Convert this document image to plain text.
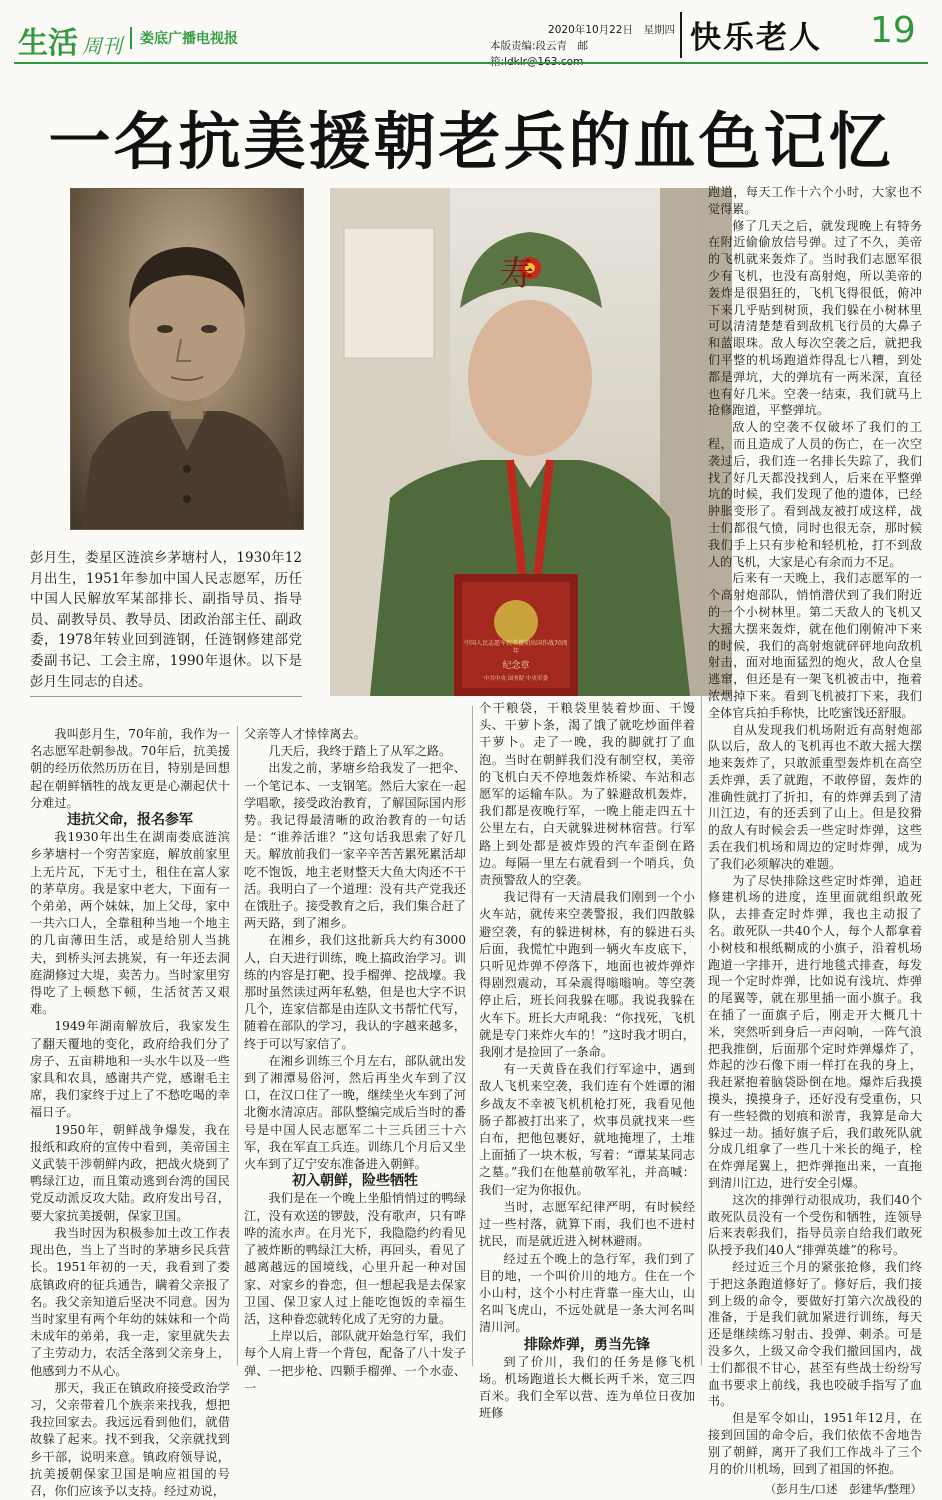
生活 周刊 娄底广播电视报
2020年10月22日　星期四
本版责编:段云青　邮	快乐老人 19
一名抗美援朝老兵的血色记忆
寿
中国人民志愿军抗美援朝出国作战70周年
纪念章
中共中央 国务院 中央军委
彭月生，娄星区涟滨乡茅塘村人，1930年12月出生，1951年参加中国人民志愿军，历任中国人民解放军某部排长、副指导员、指导员、副教导员、教导员、团政治部主任、副政委，1978年转业回到涟钢，任涟钢修建部党委副书记、工会主席，1990年退休。以下是彭月生同志的自述。

我叫彭月生，70年前，我作为一名志愿军赴朝参战。70年后，抗美援朝的经历依然历历在目，特别是回想起在朝鲜牺牲的战友更是心潮起伏十分难过。

违抗父命，报名参军

我1930年出生在湖南娄底涟滨乡茅塘村一个穷苦家庭，解放前家里上无片瓦，下无寸土，租住在富人家的茅草房。我是家中老大，下面有一个弟弟，两个妹妹，加上父母，家中一共六口人，全靠租种当地一个地主的几亩薄田生活，或是给别人当挑夫，到桥头河去挑炭，有一年还去洞庭湖修过大堤，卖苦力。当时家里穷得吃了上顿愁下顿，生活贫苦又艰难。

1949年湖南解放后，我家发生了翻天覆地的变化，政府给我们分了房子、五亩耕地和一头水牛以及一些家具和农具，感谢共产党，感谢毛主席，我们家终于过上了不愁吃喝的幸福日子。

1950年，朝鲜战争爆发，我在报纸和政府的宣传中看到，美帝国主义武装干涉朝鲜内政，把战火烧到了鸭绿江边，而且策动逃到台湾的国民党反动派反攻大陆。政府发出号召，要大家抗美援朝，保家卫国。

我当时因为积极参加土改工作表现出色，当上了当时的茅塘乡民兵营长。1951年初的一天，我看到了娄底镇政府的征兵通告，瞒着父亲报了名。我父亲知道后坚决不同意。因为当时家里有两个年幼的妹妹和一个尚未成年的弟弟，我一走，家里就失去了主劳动力，农活全落到父亲身上，他感到力不从心。

那天，我正在镇政府接受政治学习，父亲带着几个族亲来找我，想把我拉回家去。我远远看到他们，就借故躲了起来。找不到我，父亲就找到乡干部，说明来意。镇政府领导说，抗美援朝保家卫国是响应祖国的号召，你们应该予以支持。经过劝说，

父亲等人才悻悻离去。

几天后，我终于踏上了从军之路。

出发之前，茅塘乡给我发了一把伞、一个笔记本、一支钢笔。然后大家在一起学唱歌，接受政治教育，了解国际国内形势。我记得最清晰的政治教育的一句话是：“谁养活谁？”这句话我思索了好几天。解放前我们一家辛辛苦苦累死累活却吃不饱饭，地主老财整天大鱼大肉还不干活。我明白了一个道理：没有共产党我还在饿肚子。接受教育之后，我们集合赶了两天路，到了湘乡。

在湘乡，我们这批新兵大约有3000人，白天进行训练，晚上搞政治学习。训练的内容是打靶、投手榴弹、挖战壕。我那时虽然读过两年私塾，但是也大字不识几个，连家信都是由连队文书帮忙代写，随着在部队的学习，我认的字越来越多，终于可以写家信了。

在湘乡训练三个月左右，部队就出发到了湘潭易俗河，然后再坐火车到了汉口，在汉口住了一晚，继续坐火车到了河北衡水清凉店。部队整编完成后当时的番号是中国人民志愿军二十三兵团三十六军，我在军直工兵连。训练几个月后又坐火车到了辽宁安东准备进入朝鲜。

初入朝鲜，险些牺牲

我们是在一个晚上坐船悄悄过的鸭绿江，没有欢送的锣鼓，没有歌声，只有哗哗的流水声。在月光下，我隐隐约约看见了被炸断的鸭绿江大桥，再回头，看见了越离越远的国境线，心里升起一种对国家、对家乡的眷恋，但一想起我是去保家卫国、保卫家人过上能吃饱饭的幸福生活，这种眷恋就转化成了无穷的力量。

上岸以后，部队就开始急行军，我们每个人肩上背一个背包，配备了八十发子弹、一把步枪、四颗手榴弹、一个水壶、一

个干粮袋，干粮袋里装着炒面、干馒头、干萝卜条，渴了饿了就吃炒面伴着干萝卜。走了一晚，我的脚就打了血泡。当时在朝鲜我们没有制空权，美帝的飞机白天不停地轰炸桥梁、车站和志愿军的运输车队。为了躲避敌机轰炸，我们都是夜晚行军，一晚上能走四五十公里左右，白天就躲进树林宿营。行军路上到处都是被炸毁的汽车歪倒在路边。每隔一里左右就看到一个哨兵，负责预警敌人的空袭。

我记得有一天清晨我们刚到一个小火车站，就传来空袭警报，我们四散躲避空袭，有的躲进树林，有的躲进石头后面，我慌忙中跑到一辆火车皮底下，只听见炸弹不停落下，地面也被炸弹炸得剧烈震动，耳朵震得嗡嗡响。等空袭停止后，班长问我躲在哪。我说我躲在火车下。班长大声吼我：“你找死，飞机就是专门来炸火车的！”这时我才明白，我刚才是捡回了一条命。

有一天黄昏在我们行军途中，遇到敌人飞机来空袭，我们连有个姓谭的湘乡战友不幸被飞机机枪打死，我看见他肠子都被打出来了，炊事员就找来一些白布，把他包裹好，就地掩埋了，土堆上面插了一块木板，写着：“谭某某同志之墓。”我们在他墓前敬军礼，并高喊：我们一定为你报仇。

当时，志愿军纪律严明，有时候经过一些村落，就算下雨，我们也不进村扰民，而是就近进入树林避雨。

经过五个晚上的急行军，我们到了目的地，一个叫价川的地方。住在一个小山村，这个小村庄背靠一座大山，山名叫飞虎山，不远处就是一条大河名叫清川河。

排除炸弹，勇当先锋

到了价川，我们的任务是修飞机场。机场跑道长大概长两千米，宽三四百米。我们全军以营、连为单位日夜加班修

跑道，每天工作十六个小时，大家也不觉得累。

修了几天之后，就发现晚上有特务在附近偷偷放信号弹。过了不久，美帝的飞机就来轰炸了。当时我们志愿军很少有飞机，也没有高射炮，所以美帝的轰炸是很猖狂的，飞机飞得很低，俯冲下来几乎贴到树顶，我们躲在小树林里可以清清楚楚看到敌机飞行员的大鼻子和蓝眼珠。敌人每次空袭之后，就把我们平整的机场跑道炸得乱七八糟，到处都是弹坑，大的弹坑有一两米深，直径也有好几米。空袭一结束，我们就马上抢修跑道，平整弹坑。

敌人的空袭不仅破坏了我们的工程，而且造成了人员的伤亡，在一次空袭过后，我们连一名排长失踪了，我们找了好几天都没找到人，后来在平整弹坑的时候，我们发现了他的遗体，已经肿胀变形了。看到战友被打成这样，战士们都很气愤，同时也很无奈，那时候我们手上只有步枪和轻机枪，打不到敌人的飞机，大家是心有余而力不足。

后来有一天晚上，我们志愿军的一个高射炮部队，悄悄潜伏到了我们附近的一个小树林里。第二天敌人的飞机又大摇大摆来轰炸，就在他们刚俯冲下来的时候，我们的高射炮就砰砰地向敌机射击，面对地面猛烈的炮火，敌人仓皇逃窜，但还是有一架飞机被击中，拖着浓烟掉下来。看到飞机被打下来，我们全体官兵拍手称快，比吃蜜饯还舒服。

自从发现我们机场附近有高射炮部队以后，敌人的飞机再也不敢大摇大摆地来轰炸了，只敢派重型轰炸机在高空丢炸弹，丢了就跑，不敢停留，轰炸的准确性就打了折扣，有的炸弹丢到了清川江边，有的还丢到了山上。但是狡猾的敌人有时候会丢一些定时炸弹，这些丢在我们机场和周边的定时炸弹，成为了我们必须解决的难题。

为了尽快排除这些定时炸弹，追赶修建机场的进度，连里面就组织敢死队，去排查定时炸弹，我也主动报了名。敢死队一共40个人，每个人都拿着小树枝和根纸糊成的小旗子，沿着机场跑道一字排开，进行地毯式排查，每发现一个定时炸弹，比如说有浅坑、炸弹的尾翼等，就在那里插一面小旗子。我在插了一面旗子后，刚走开大概几十米，突然听到身后一声闷响，一阵气浪把我推倒，后面那个定时炸弹爆炸了，炸起的沙石像下雨一样打在我的身上，我赶紧抱着脑袋卧倒在地。爆炸后我摸摸头，摸摸身子，还好没有受重伤，只有一些轻微的划痕和淤青，我算是命大躲过一劫。插好旗子后，我们敢死队就分成几组拿了一些几十米长的绳子，栓在炸弹尾翼上，把炸弹拖出来，一直拖到清川江边，进行安全引爆。

这次的排弹行动很成功，我们40个敢死队员没有一个受伤和牺牲，连领导后来表彰我们，指导员亲自给我们敢死队授予我们40人“排弹英雄”的称号。

经过近三个月的紧张抢修，我们终于把这条跑道修好了。修好后，我们接到上级的命令，要做好打第六次战役的准备，于是我们就加紧进行训练，每天还是继续练习射击、投弹、刺杀。可是没多久，上级又命令我们撤回国内，战士们都很不甘心，甚至有些战士纷纷写血书要求上前线，我也咬破手指写了血书。

但是军令如山，1951年12月，在接到回国的命令后，我们依依不舍地告别了朝鲜，离开了我们工作战斗了三个月的价川机场，回到了祖国的怀抱。

（彭月生/口述　彭建华/整理）
